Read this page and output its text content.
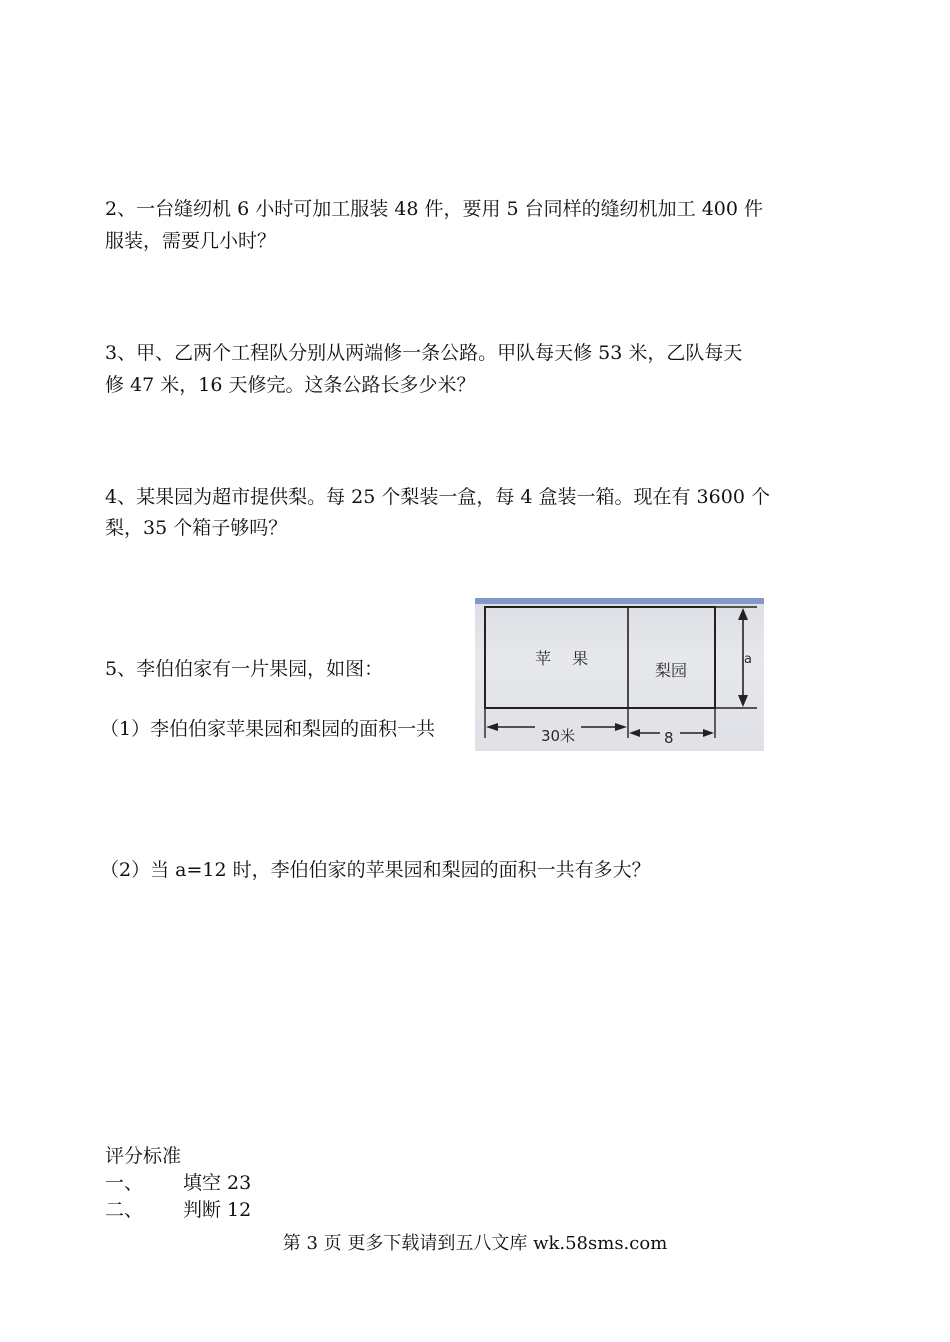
2、一台缝纫机 6 小时可加工服装 48 件，要用 5 台同样的缝纫机加工 400 件
服装，需要几小时？
3、甲、乙两个工程队分别从两端修一条公路。甲队每天修 53 米，乙队每天
修 47 米，16 天修完。这条公路长多少米？
4、某果园为超市提供梨。每 25 个梨装一盒，每 4 盒装一箱。现在有 3600 个
梨，35 个箱子够吗？
5、李伯伯家有一片果园，如图：
（1）李伯伯家苹果园和梨园的面积一共
苹 果
梨园
a
30米	8
（2）当 a=12 时，李伯伯家的苹果园和梨园的面积一共有多大？
评分标准
一、 填空 23
二、 判断 12
第 3 页 更多下载请到五八文库 wk.58sms.com
